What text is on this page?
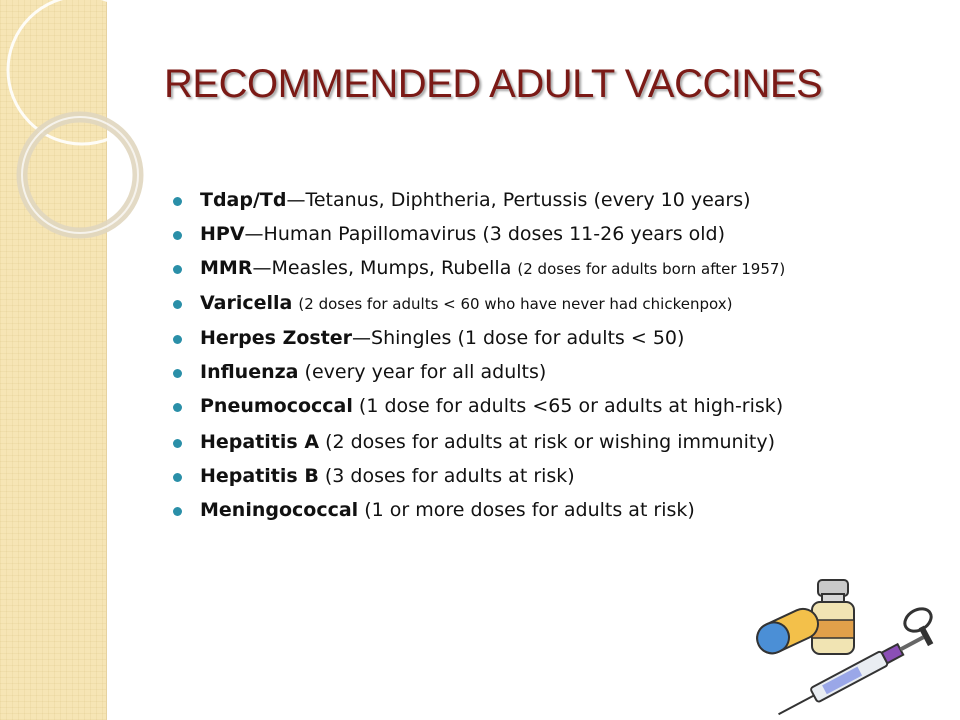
RECOMMENDED ADULT VACCINES
Tdap/Td—Tetanus, Diphtheria, Pertussis (every 10 years)
HPV—Human Papillomavirus (3 doses 11-26 years old)
MMR—Measles, Mumps, Rubella (2 doses for adults born after 1957)
Varicella (2 doses for adults < 60 who have never had chickenpox)
Herpes Zoster—Shingles (1 dose for adults < 50)
Influenza (every year for all adults)
Pneumococcal (1 dose for adults <65 or adults at high-risk)
Hepatitis A (2 doses for adults at risk or wishing immunity)
Hepatitis B (3 doses for adults at risk)
Meningococcal (1 or more doses for adults at risk)
